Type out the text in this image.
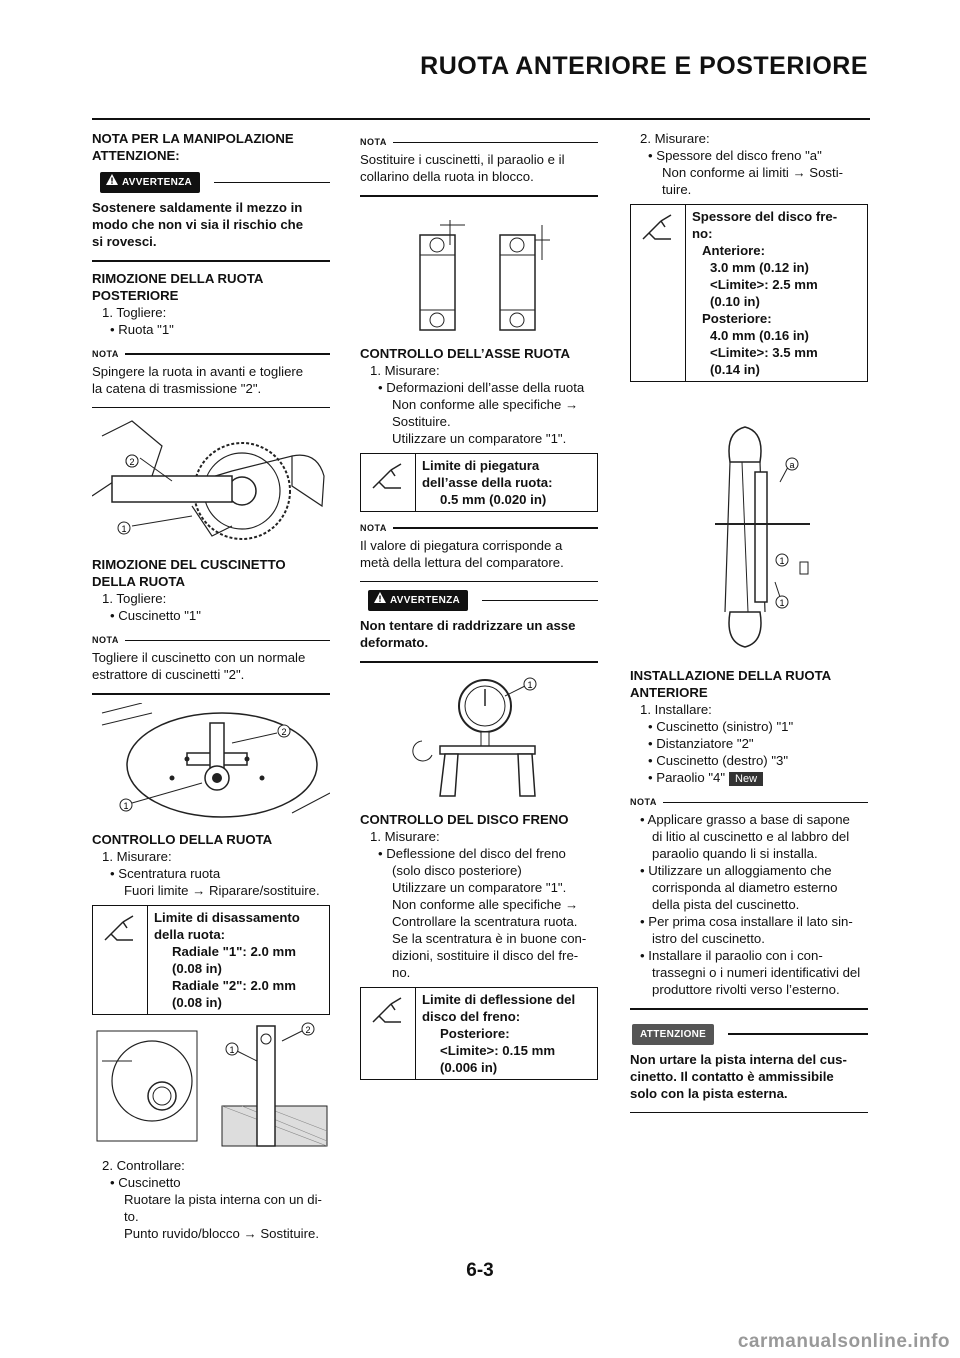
RUOTA ANTERIORE E POSTERIORE
NOTA PER LA MANIPOLAZIONE
ATTENZIONE:
AVVERTENZA
Sostenere saldamente il mezzo in
modo che non vi sia il rischio che
si rovesci.
RIMOZIONE DELLA RUOTA
POSTERIORE
1. Togliere:
• Ruota "1"
NOTA
Spingere la ruota in avanti e togliere
la catena di trasmissione "2".
1
2
RIMOZIONE DEL CUSCINETTO
DELLA RUOTA
1. Togliere:
• Cuscinetto "1"
NOTA
Togliere il cuscinetto con un normale
estrattore di cuscinetti "2".
1
2
CONTROLLO DELLA RUOTA
1. Misurare:
• Scentratura ruota
Fuori limite → Riparare/sostituire.
Limite di disassamento
della ruota:
Radiale "1": 2.0 mm
(0.08 in)
Radiale "2": 2.0 mm
(0.08 in)
1
2
2. Controllare:
• Cuscinetto
Ruotare la pista interna con un di-
to.
Punto ruvido/blocco → Sostituire.
NOTA
Sostituire i cuscinetti, il paraolio e il
collarino della ruota in blocco.
CONTROLLO DELL’ASSE RUOTA
1. Misurare:
• Deformazioni dell’asse della ruota
Non conforme alle specifiche →
Sostituire.
Utilizzare un comparatore "1".
Limite di piegatura
dell’asse della ruota:
0.5 mm (0.020 in)
NOTA
Il valore di piegatura corrisponde a
metà della lettura del comparatore.
AVVERTENZA
Non tentare di raddrizzare un asse
deformato.
1
CONTROLLO DEL DISCO FRENO
1. Misurare:
• Deflessione del disco del freno
(solo disco posteriore)
Utilizzare un comparatore "1".
Non conforme alle specifiche →
Controllare la scentratura ruota.
Se la scentratura è in buone con-
dizioni, sostituire il disco del fre-
no.
Limite di deflessione del
disco del freno:
Posteriore:
<Limite>: 0.15 mm
(0.006 in)
2. Misurare:
• Spessore del disco freno "a"
Non conforme ai limiti → Sosti-
tuire.
Spessore del disco fre-
no:
Anteriore:
3.0 mm (0.12 in)
<Limite>: 2.5 mm
(0.10 in)
Posteriore:
4.0 mm (0.16 in)
<Limite>: 3.5 mm
(0.14 in)
a
1
1
INSTALLAZIONE DELLA RUOTA
ANTERIORE
1. Installare:
• Cuscinetto (sinistro) "1"
• Distanziatore "2"
• Cuscinetto (destro) "3"
• Paraolio "4" New
NOTA
• Applicare grasso a base di sapone
di litio al cuscinetto e al labbro del
paraolio quando li si installa.
• Utilizzare un alloggiamento che
corrisponda al diametro esterno
della pista del cuscinetto.
• Per prima cosa installare il lato sin-
istro del cuscinetto.
• Installare il paraolio con i con-
trassegni o i numeri identificativi del
produttore rivolti verso l’esterno.
ATTENZIONE
Non urtare la pista interna del cus-
cinetto. Il contatto è ammissibile
solo con la pista esterna.
6-3
carmanualsonline.info
